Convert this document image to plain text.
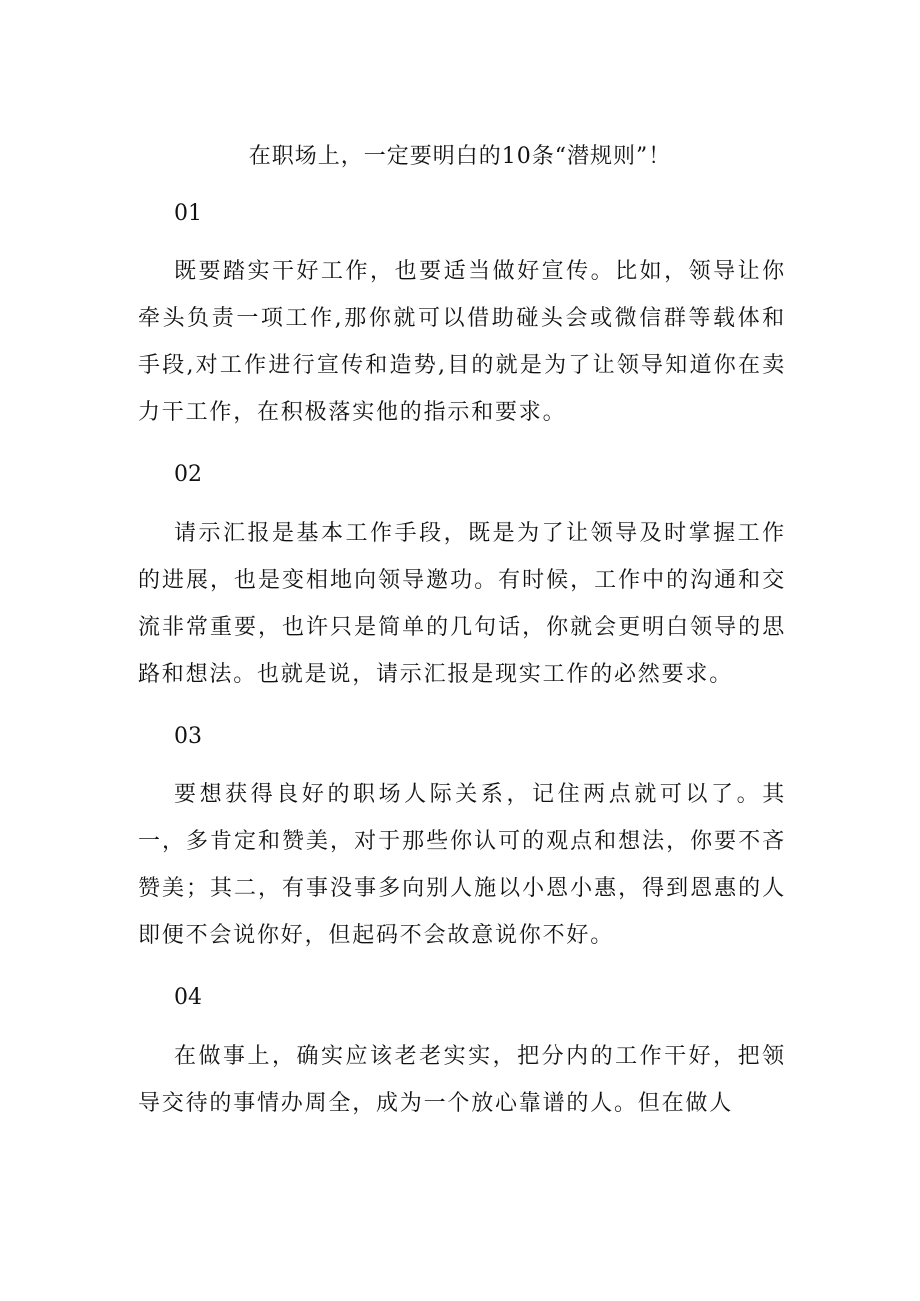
在职场上，一定要明白的10条“潜规则”！
01
既要踏实干好工作，也要适当做好宣传。比如，领导让你牵头负责一项工作,那你就可以借助碰头会或微信群等载体和手段,对工作进行宣传和造势,目的就是为了让领导知道你在卖力干工作，在积极落实他的指示和要求。
02
请示汇报是基本工作手段，既是为了让领导及时掌握工作的进展，也是变相地向领导邀功。有时候，工作中的沟通和交流非常重要，也许只是简单的几句话，你就会更明白领导的思路和想法。也就是说，请示汇报是现实工作的必然要求。
03
要想获得良好的职场人际关系，记住两点就可以了。其一，多肯定和赞美，对于那些你认可的观点和想法，你要不吝赞美；其二，有事没事多向别人施以小恩小惠，得到恩惠的人即便不会说你好，但起码不会故意说你不好。
04
在做事上，确实应该老老实实，把分内的工作干好，把领导交待的事情办周全，成为一个放心靠谱的人。但在做人
